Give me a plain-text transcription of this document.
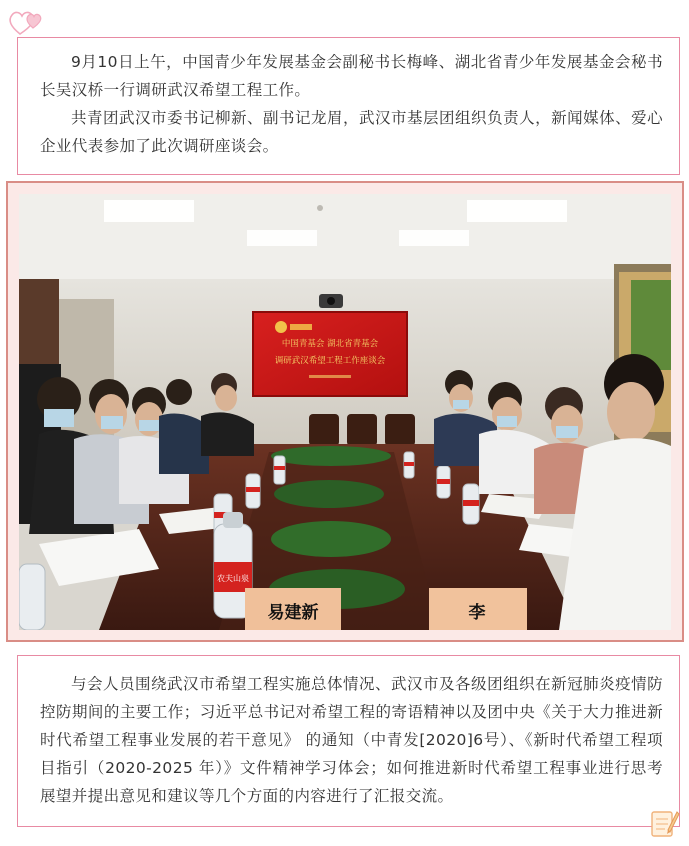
9月10日上午，中国青少年发展基金会副秘书长梅峰、湖北省青少年发展基金会秘书长吴汉桥一行调研武汉希望工程工作。

共青团武汉市委书记柳新、副书记龙眉，武汉市基层团组织负责人，新闻媒体、爱心企业代表参加了此次调研座谈会。

中国青基会 湖北省青基会
调研武汉希望工程工作座谈会
农夫山泉
易建新	李

与会人员围绕武汉市希望工程实施总体情况、武汉市及各级团组织在新冠肺炎疫情防控防期间的主要工作；习近平总书记对希望工程的寄语精神以及团中央《关于大力推进新时代希望工程事业发展的若干意见》 的通知（中青发[2020]6号）、《新时代希望工程项目指引（2020-2025 年）》文件精神学习体会；如何推进新时代希望工程事业进行思考展望并提出意见和建议等几个方面的内容进行了汇报交流。
